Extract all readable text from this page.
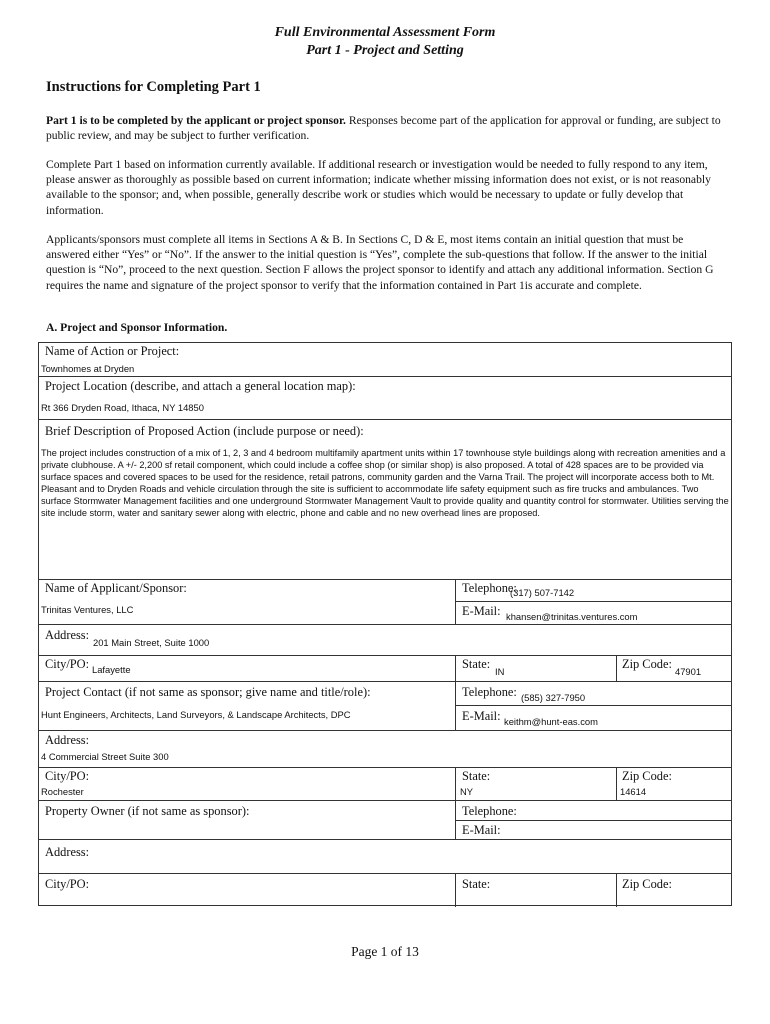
Full Environmental Assessment Form
Part 1 - Project and Setting
Instructions for Completing Part 1
Part 1 is to be completed by the applicant or project sponsor. Responses become part of the application for approval or funding, are subject to public review, and may be subject to further verification.
Complete Part 1 based on information currently available. If additional research or investigation would be needed to fully respond to any item, please answer as thoroughly as possible based on current information; indicate whether missing information does not exist, or is not reasonably available to the sponsor; and, when possible, generally describe work or studies which would be necessary to update or fully develop that information.
Applicants/sponsors must complete all items in Sections A & B. In Sections C, D & E, most items contain an initial question that must be answered either “Yes” or “No”. If the answer to the initial question is “Yes”, complete the sub-questions that follow. If the answer to the initial question is “No”, proceed to the next question. Section F allows the project sponsor to identify and attach any additional information. Section G requires the name and signature of the project sponsor to verify that the information contained in Part 1is accurate and complete.
A. Project and Sponsor Information.
Name of Action or Project:
Townhomes at Dryden
Project Location (describe, and attach a general location map):
Rt 366 Dryden Road, Ithaca, NY 14850
Brief Description of Proposed Action (include purpose or need):
The project includes construction of a mix of 1, 2, 3 and 4 bedroom multifamily apartment units within 17 townhouse style buildings along with recreation amenities and a private clubhouse. A +/- 2,200 sf retail component, which could include a coffee shop (or similar shop) is also proposed. A total of 428 spaces are to be provided via surface spaces and covered spaces to be used for the residence, retail patrons, community garden and the Varna Trail. The project will incorporate access both to Mt. Pleasant and to Dryden Roads and vehicle circulation through the site is sufficient to accommodate life safety equipment such as fire trucks and ambulances. Two surface Stormwater Management facilities and one underground Stormwater Management Vault to provide quality and quantity control for stormwater. Utilities serving the site include storm, water and sanitary sewer along with electric, phone and cable and no new overhead lines are proposed.
Name of Applicant/Sponsor:
Trinitas Ventures, LLC
Telephone:
(317) 507-7142
E-Mail: khansen@trinitas.ventures.com
Address:
201 Main Street, Suite 1000
City/PO: Lafayette	State:
IN
Zip Code:
47901
Project Contact (if not same as sponsor; give name and title/role):
Hunt Engineers, Architects, Land Surveyors, & Landscape Architects, DPC
Telephone: (585) 327-7950
E-Mail: keithm@hunt-eas.com
Address:
4 Commercial Street Suite 300
City/PO:
Rochester
State:
NY
Zip Code:
14614
Property Owner (if not same as sponsor):	Telephone:
E-Mail:
Address:
City/PO:	State:	Zip Code:
Page 1 of 13
